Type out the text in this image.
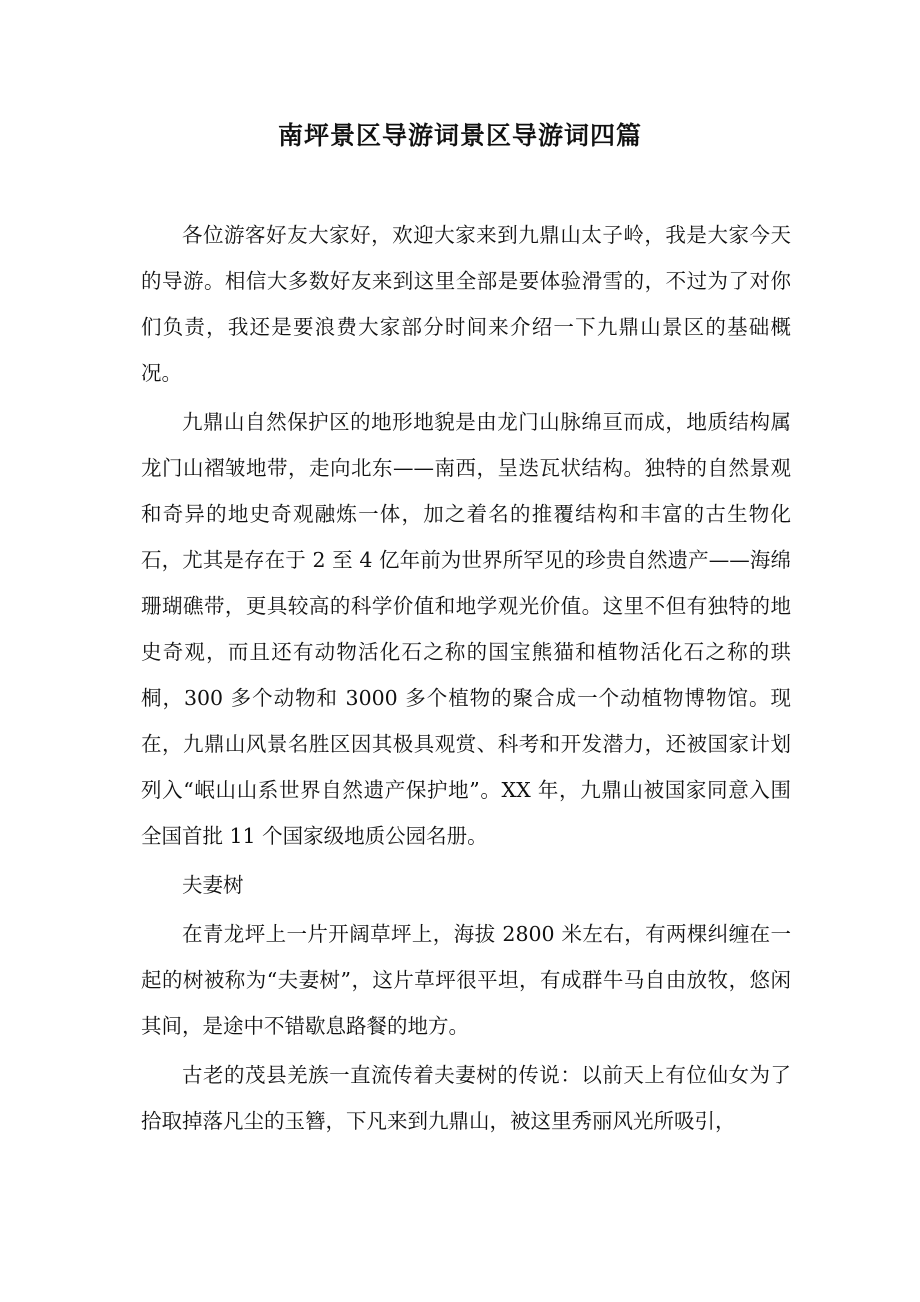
南坪景区导游词景区导游词四篇

各位游客好友大家好，欢迎大家来到九鼎山太子岭，我是大家今天的导游。相信大多数好友来到这里全部是要体验滑雪的，不过为了对你们负责，我还是要浪费大家部分时间来介绍一下九鼎山景区的基础概况。

九鼎山自然保护区的地形地貌是由龙门山脉绵亘而成，地质结构属龙门山褶皱地带，走向北东——南西，呈迭瓦状结构。独特的自然景观和奇异的地史奇观融炼一体，加之着名的推覆结构和丰富的古生物化石，尤其是存在于 2 至 4 亿年前为世界所罕见的珍贵自然遗产——海绵珊瑚礁带，更具较高的科学价值和地学观光价值。这里不但有独特的地史奇观，而且还有动物活化石之称的国宝熊猫和植物活化石之称的珙桐，300 多个动物和 3000 多个植物的聚合成一个动植物博物馆。现在，九鼎山风景名胜区因其极具观赏、科考和开发潜力，还被国家计划列入“岷山山系世界自然遗产保护地”。XX 年，九鼎山被国家同意入围全国首批 11 个国家级地质公园名册。

夫妻树

在青龙坪上一片开阔草坪上，海拔 2800 米左右，有两棵纠缠在一起的树被称为“夫妻树”，这片草坪很平坦，有成群牛马自由放牧，悠闲其间，是途中不错歇息路餐的地方。

古老的茂县羌族一直流传着夫妻树的传说：以前天上有位仙女为了拾取掉落凡尘的玉簪，下凡来到九鼎山，被这里秀丽风光所吸引，
